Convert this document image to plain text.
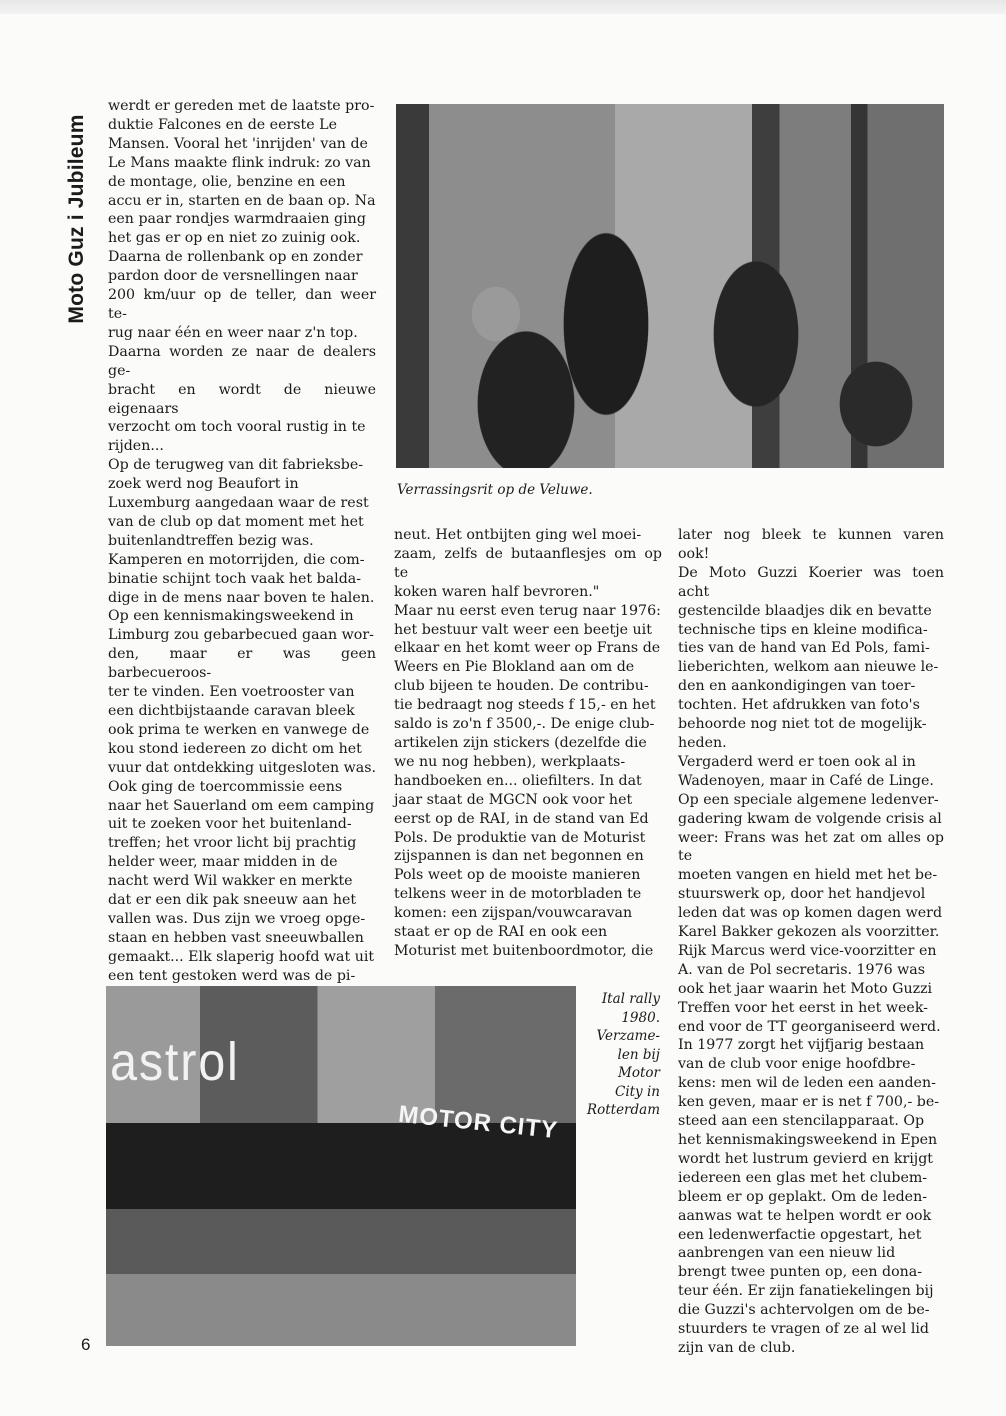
Moto Guz i Jubileum

werdt er gereden met de laatste pro-

duktie Falcones en de eerste Le

Mansen. Vooral het 'inrijden' van de

Le Mans maakte flink indruk: zo van

de montage, olie, benzine en een

accu er in, starten en de baan op. Na

een paar rondjes warmdraaien ging

het gas er op en niet zo zuinig ook.

Daarna de rollenbank op en zonder

pardon door de versnellingen naar

200 km/uur op de teller, dan weer te-

rug naar één en weer naar z'n top.

Daarna worden ze naar de dealers ge-

bracht en wordt de nieuwe eigenaars

verzocht om toch vooral rustig in te

rijden...

Op de terugweg van dit fabrieksbe-

zoek werd nog Beaufort in

Luxemburg aangedaan waar de rest

van de club op dat moment met het

buitenlandtreffen bezig was.

Kamperen en motorrijden, die com-

binatie schijnt toch vaak het balda-

dige in de mens naar boven te halen.

Op een kennismakingsweekend in

Limburg zou gebarbecued gaan wor-

den, maar er was geen barbecueroos-

ter te vinden. Een voetrooster van

een dichtbijstaande caravan bleek

ook prima te werken en vanwege de

kou stond iedereen zo dicht om het

vuur dat ontdekking uitgesloten was.

Ook ging de toercommissie eens

naar het Sauerland om eem camping

uit te zoeken voor het buitenland-

treffen; het vroor licht bij prachtig

helder weer, maar midden in de

nacht werd Wil wakker en merkte

dat er een dik pak sneeuw aan het

vallen was. Dus zijn we vroeg opge-

staan en hebben vast sneeuwballen

gemaakt... Elk slaperig hoofd wat uit

een tent gestoken werd was de pi-

Verrassingsrit op de Veluwe.

neut. Het ontbijten ging wel moei-

zaam, zelfs de butaanflesjes om op te

koken waren half bevroren."

Maar nu eerst even terug naar 1976:

het bestuur valt weer een beetje uit

elkaar en het komt weer op Frans de

Weers en Pie Blokland aan om de

club bijeen te houden. De contribu-

tie bedraagt nog steeds f 15,- en het

saldo is zo'n f 3500,-. De enige club-

artikelen zijn stickers (dezelfde die

we nu nog hebben), werkplaats-

handboeken en... oliefilters. In dat

jaar staat de MGCN ook voor het

eerst op de RAI, in de stand van Ed

Pols. De produktie van de Moturist

zijspannen is dan net begonnen en

Pols weet op de mooiste manieren

telkens weer in de motorbladen te

komen: een zijspan/vouwcaravan

staat er op de RAI en ook een

Moturist met buitenboordmotor, die

later nog bleek te kunnen varen ook!

De Moto Guzzi Koerier was toen acht

gestencilde blaadjes dik en bevatte

technische tips en kleine modifica-

ties van de hand van Ed Pols, fami-

lieberichten, welkom aan nieuwe le-

den en aankondigingen van toer-

tochten. Het afdrukken van foto's

behoorde nog niet tot de mogelijk-

heden.

Vergaderd werd er toen ook al in

Wadenoyen, maar in Café de Linge.

Op een speciale algemene ledenver-

gadering kwam de volgende crisis al

weer: Frans was het zat om alles op te

moeten vangen en hield met het be-

stuurswerk op, door het handjevol

leden dat was op komen dagen werd

Karel Bakker gekozen als voorzitter.

Rijk Marcus werd vice-voorzitter en

A. van de Pol secretaris. 1976 was

ook het jaar waarin het Moto Guzzi

Treffen voor het eerst in het week-

end voor de TT georganiseerd werd.

In 1977 zorgt het vijfjarig bestaan

van de club voor enige hoofdbre-

kens: men wil de leden een aanden-

ken geven, maar er is net f 700,- be-

steed aan een stencilapparaat. Op

het kennismakingsweekend in Epen

wordt het lustrum gevierd en krijgt

iedereen een glas met het clubem-

bleem er op geplakt. Om de leden-

aanwas wat te helpen wordt er ook

een ledenwerfactie opgestart, het

aanbrengen van een nieuw lid

brengt twee punten op, een dona-

teur één. Er zijn fanatiekelingen bij

die Guzzi's achtervolgen om de be-

stuurders te vragen of ze al wel lid

zijn van de club.

astrol
MOTOR CITY
Ital rally
1980.
Verzame-
len bij
Motor
City in
Rotterdam
6
